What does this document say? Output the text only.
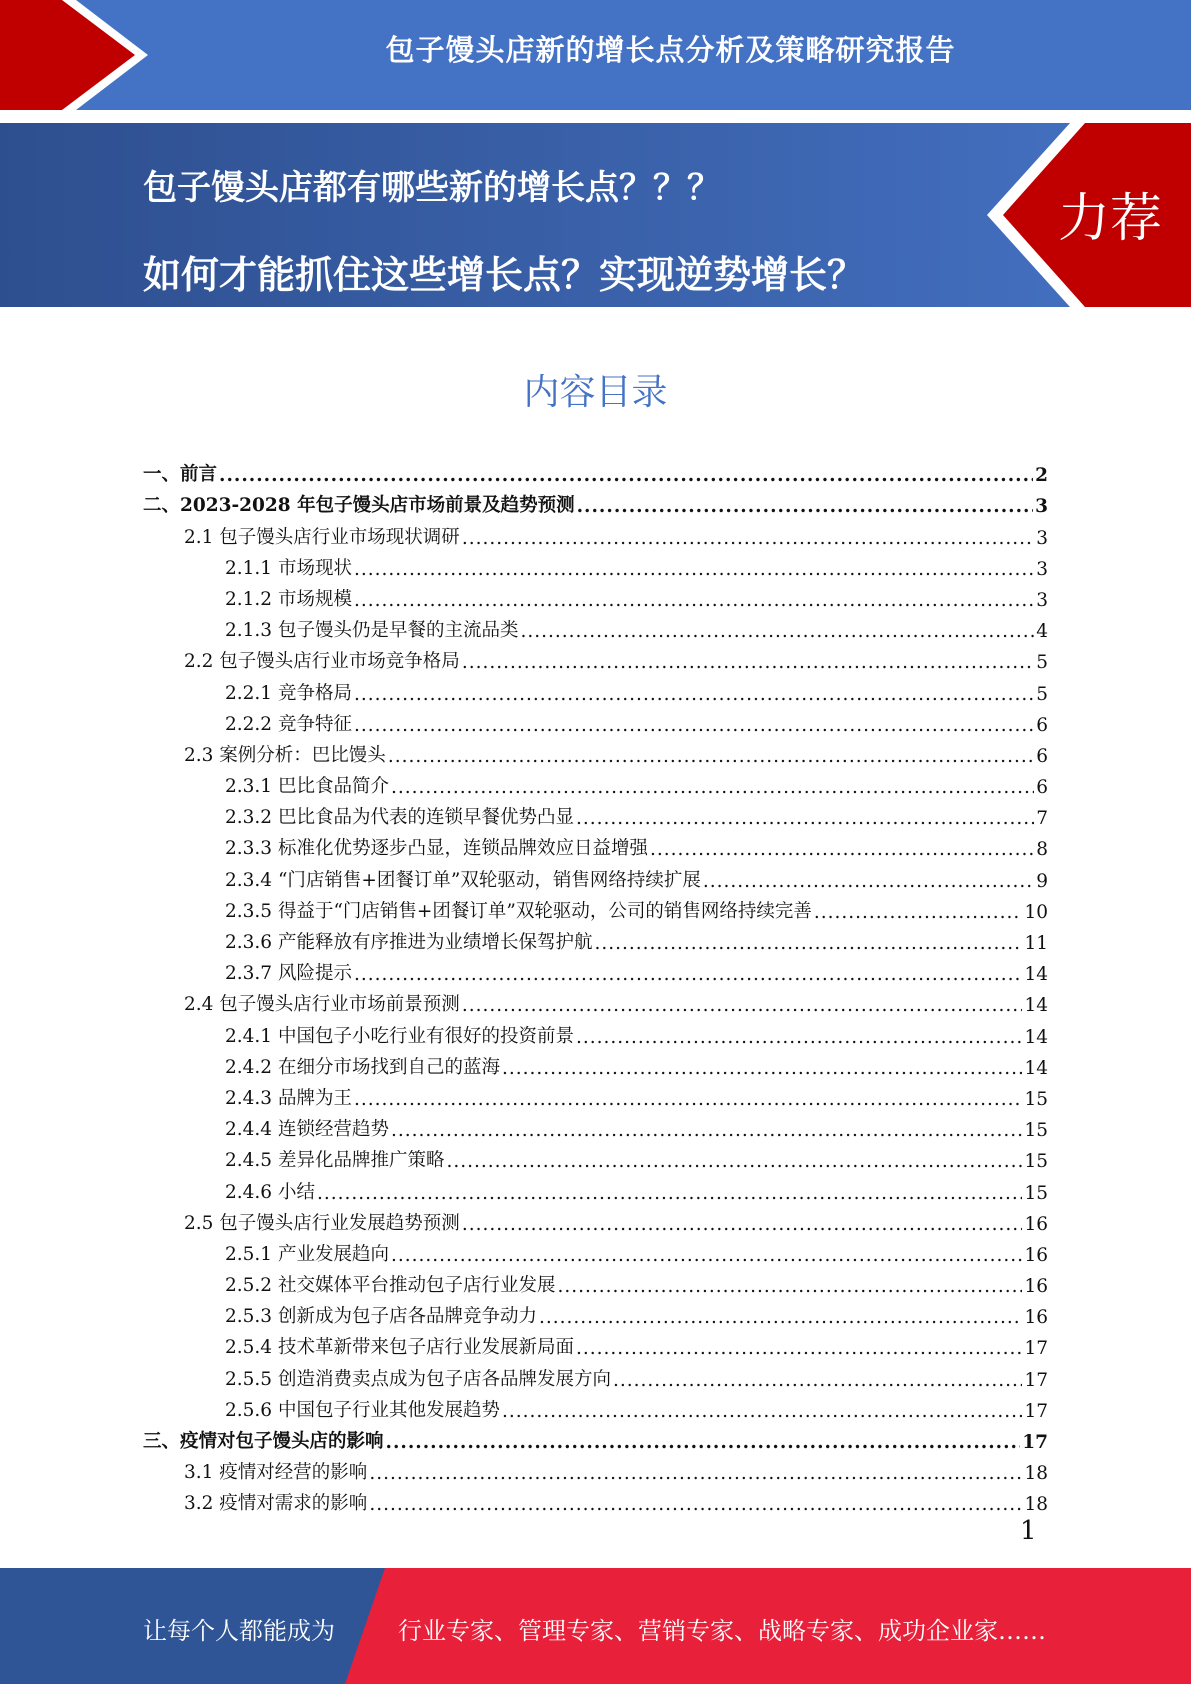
包子馒头店新的增长点分析及策略研究报告
包子馒头店都有哪些新的增长点？？？
如何才能抓住这些增长点？实现逆势增长？
力荐
内容目录
一、前言 .....	2
二、2023-2028 年包子馒头店市场前景及趋势预测 .....	3
2.1 包子馒头店行业市场现状调研 .....	3
2.1.1 市场现状 .....	3
2.1.2 市场规模 .....	3
2.1.3 包子馒头仍是早餐的主流品类 .....	4
2.2 包子馒头店行业市场竞争格局 .....	5
2.2.1 竞争格局 .....	5
2.2.2 竞争特征 .....	6
2.3 案例分析：巴比馒头 .....	6
2.3.1 巴比食品简介 .....	6
2.3.2 巴比食品为代表的连锁早餐优势凸显 .....	7
2.3.3 标准化优势逐步凸显，连锁品牌效应日益增强 .....	8
2.3.4 “门店销售+团餐订单”双轮驱动，销售网络持续扩展 .....	9
2.3.5 得益于“门店销售+团餐订单”双轮驱动，公司的销售网络持续完善 .....	10
2.3.6 产能释放有序推进为业绩增长保驾护航 .....	11
2.3.7 风险提示 .....	14
2.4 包子馒头店行业市场前景预测 .....	14
2.4.1 中国包子小吃行业有很好的投资前景 .....	14
2.4.2 在细分市场找到自己的蓝海 .....	14
2.4.3 品牌为王 .....	15
2.4.4 连锁经营趋势 .....	15
2.4.5 差异化品牌推广策略 .....	15
2.4.6 小结 .....	15
2.5 包子馒头店行业发展趋势预测 .....	16
2.5.1 产业发展趋向 .....	16
2.5.2 社交媒体平台推动包子店行业发展 .....	16
2.5.3 创新成为包子店各品牌竞争动力 .....	16
2.5.4 技术革新带来包子店行业发展新局面 .....	17
2.5.5 创造消费卖点成为包子店各品牌发展方向 .....	17
2.5.6 中国包子行业其他发展趋势 .....	17
三、疫情对包子馒头店的影响 .....	17
3.1 疫情对经营的影响 .....	18
3.2 疫情对需求的影响 .....	18
1
让每个人都能成为	行业专家、管理专家、营销专家、战略专家、成功企业家……
